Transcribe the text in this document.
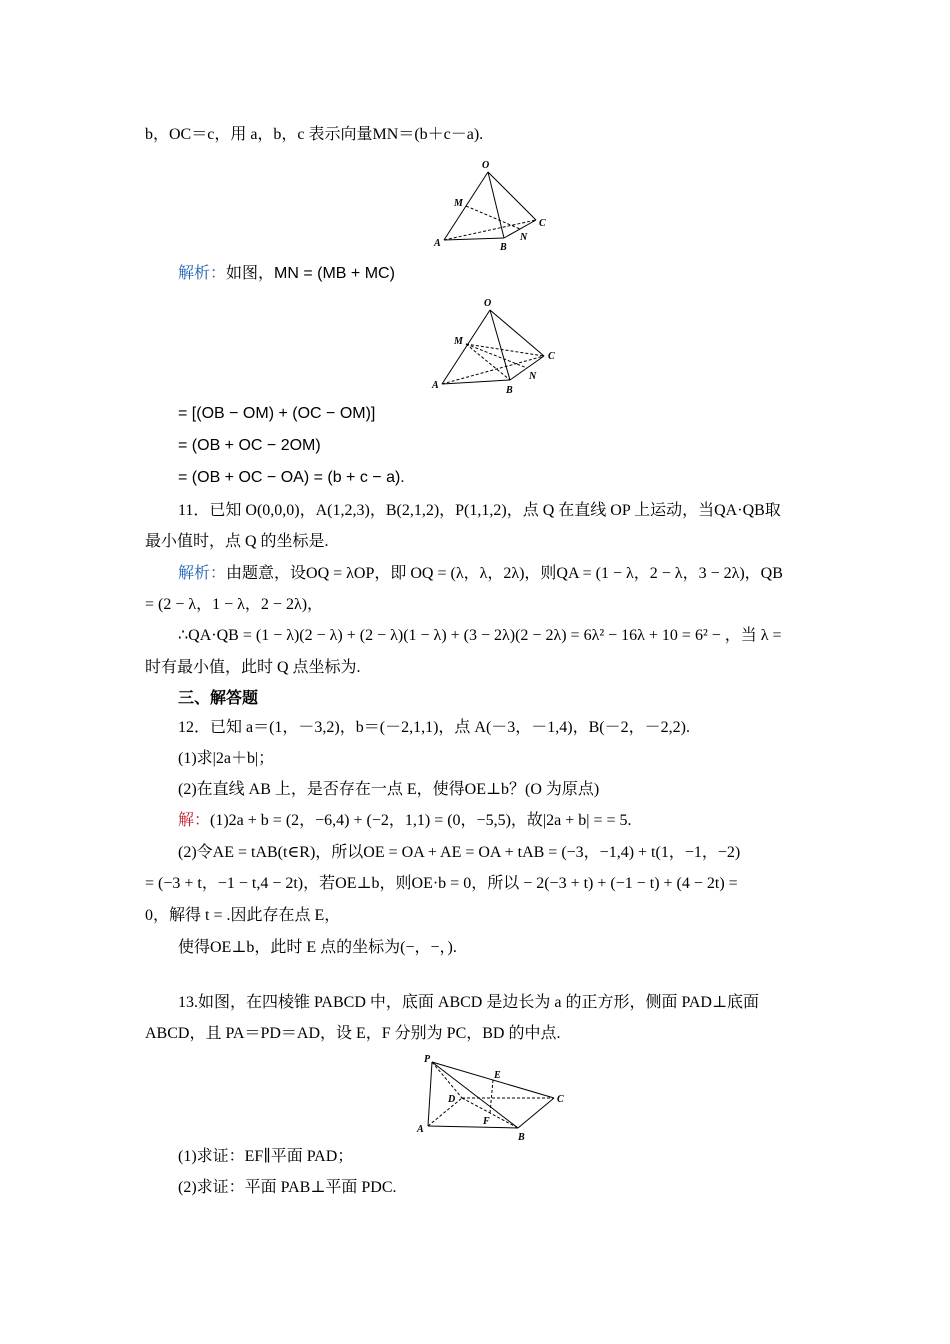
b，OC＝c，用 a，b，c 表示向量MN＝(b＋c－a).
O
M
C
A	B
N
解析：如图，MN = (MB + MC)
O
M
C
A	B
N
= [(OB − OM) + (OC − OM)]
= (OB + OC − 2OM)
= (OB + OC − OA) = (b + c − a).
11．已知 O(0,0,0)，A(1,2,3)，B(2,1,2)，P(1,1,2)，点 Q 在直线 OP 上运动，当QA·QB取
最小值时，点 Q 的坐标是.
解析：由题意，设OQ = λOP，即 OQ = (λ，λ，2λ)，则QA = (1 − λ，2 − λ，3 − 2λ)，QB
= (2 − λ，1 − λ，2 − 2λ)，
∴QA·QB = (1 − λ)(2 − λ) + (2 − λ)(1 − λ) + (3 − 2λ)(2 − 2λ) = 6λ² − 16λ + 10 = 6² − ，当 λ =
时有最小值，此时 Q 点坐标为.
三、解答题
12．已知 a＝(1，－3,2)，b＝(－2,1,1)，点 A(－3，－1,4)，B(－2，－2,2).
(1)求|2a＋b|；
(2)在直线 AB 上，是否存在一点 E，使得OE⊥b？(O 为原点)
解：(1)2a + b = (2，−6,4) + (−2，1,1) = (0，−5,5)，故|2a + b| = = 5.
(2)令AE = tAB(t∈R)，所以OE = OA + AE = OA + tAB = (−3，−1,4) + t(1，−1，−2)
= (−3 + t，−1 − t,4 − 2t)，若OE⊥b，则OE·b = 0，所以 − 2(−3 + t) + (−1 − t) + (4 − 2t) =
0，解得 t = .因此存在点 E，
使得OE⊥b，此时 E 点的坐标为(−，−，).
13.如图，在四棱锥 PABCD 中，底面 ABCD 是边长为 a 的正方形，侧面 PAD⊥底面
ABCD，且 PA＝PD＝AD，设 E，F 分别为 PC，BD 的中点.
P
E
D	C
F
A
B
(1)求证：EF∥平面 PAD；
(2)求证：平面 PAB⊥平面 PDC.
